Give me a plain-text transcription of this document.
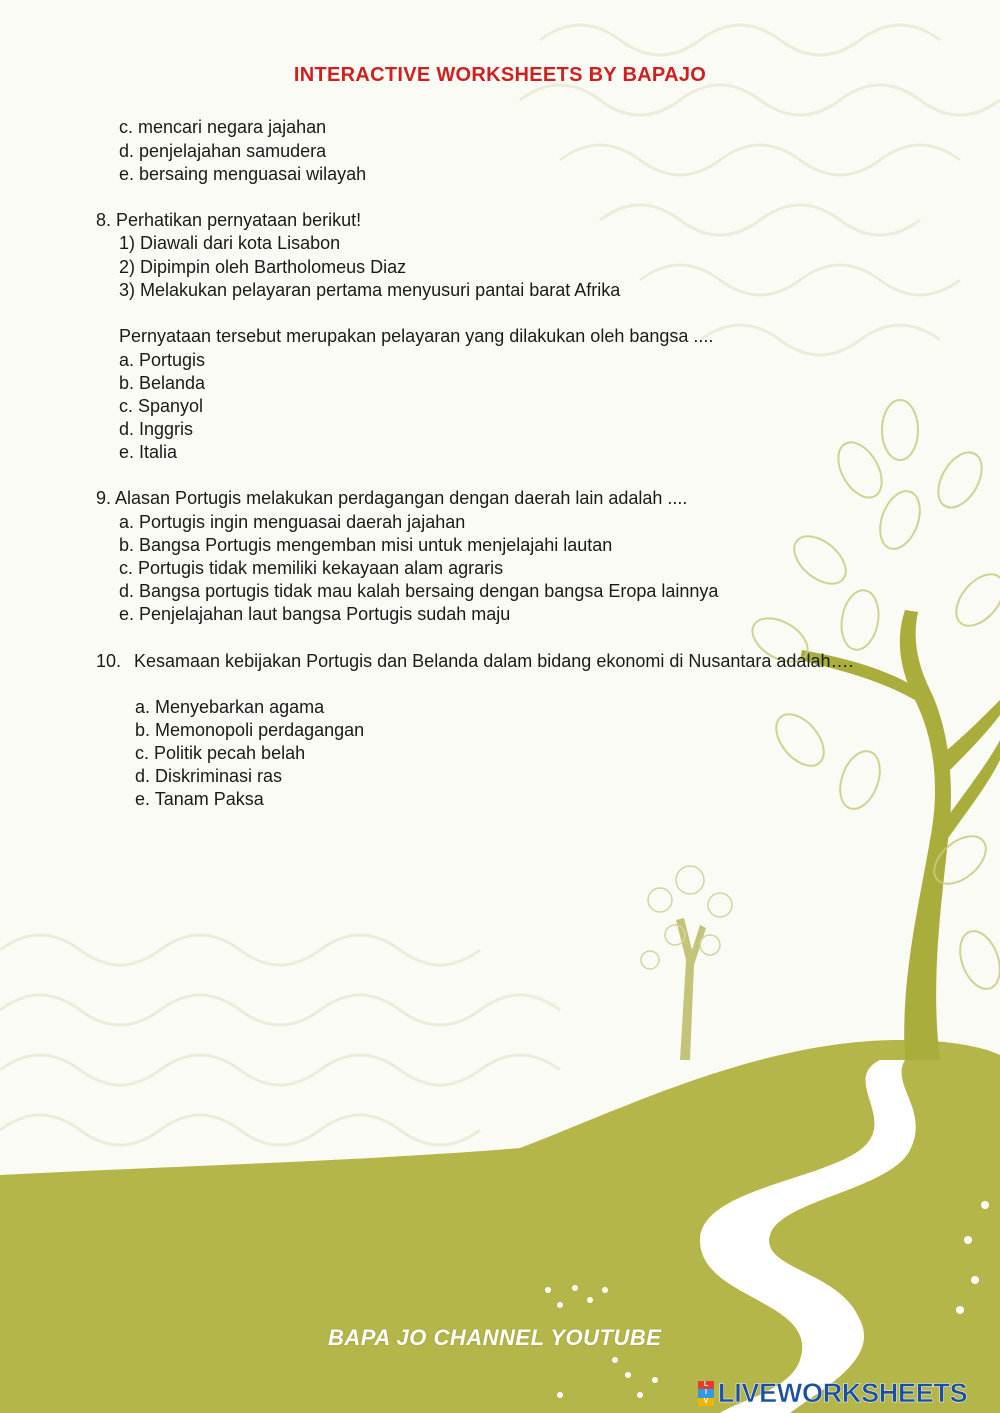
INTERACTIVE WORKSHEETS BY BAPAJO
c. mencari negara jajahan
d. penjelajahan samudera
e. bersaing menguasai wilayah
8. Perhatikan pernyataan berikut!
1) Diawali dari kota Lisabon
2) Dipimpin oleh Bartholomeus Diaz
3) Melakukan pelayaran pertama menyusuri pantai barat Afrika
Pernyataan tersebut merupakan pelayaran yang dilakukan oleh bangsa ....
a. Portugis
b. Belanda
c. Spanyol
d. Inggris
e. Italia
9. Alasan Portugis melakukan perdagangan dengan daerah lain adalah ....
a. Portugis ingin menguasai daerah jajahan
b. Bangsa Portugis mengemban misi untuk menjelajahi lautan
c. Portugis tidak memiliki kekayaan alam agraris
d. Bangsa portugis tidak mau kalah bersaing dengan bangsa Eropa lainnya
e. Penjelajahan laut bangsa Portugis sudah maju
10. Kesamaan kebijakan Portugis dan Belanda dalam bidang ekonomi di Nusantara adalah….
a. Menyebarkan agama
b. Memonopoli perdagangan
c. Politik pecah belah
d. Diskriminasi ras
e. Tanam Paksa
BAPA JO CHANNEL YOUTUBE
L
I
V LIVEWORKSHEETS
